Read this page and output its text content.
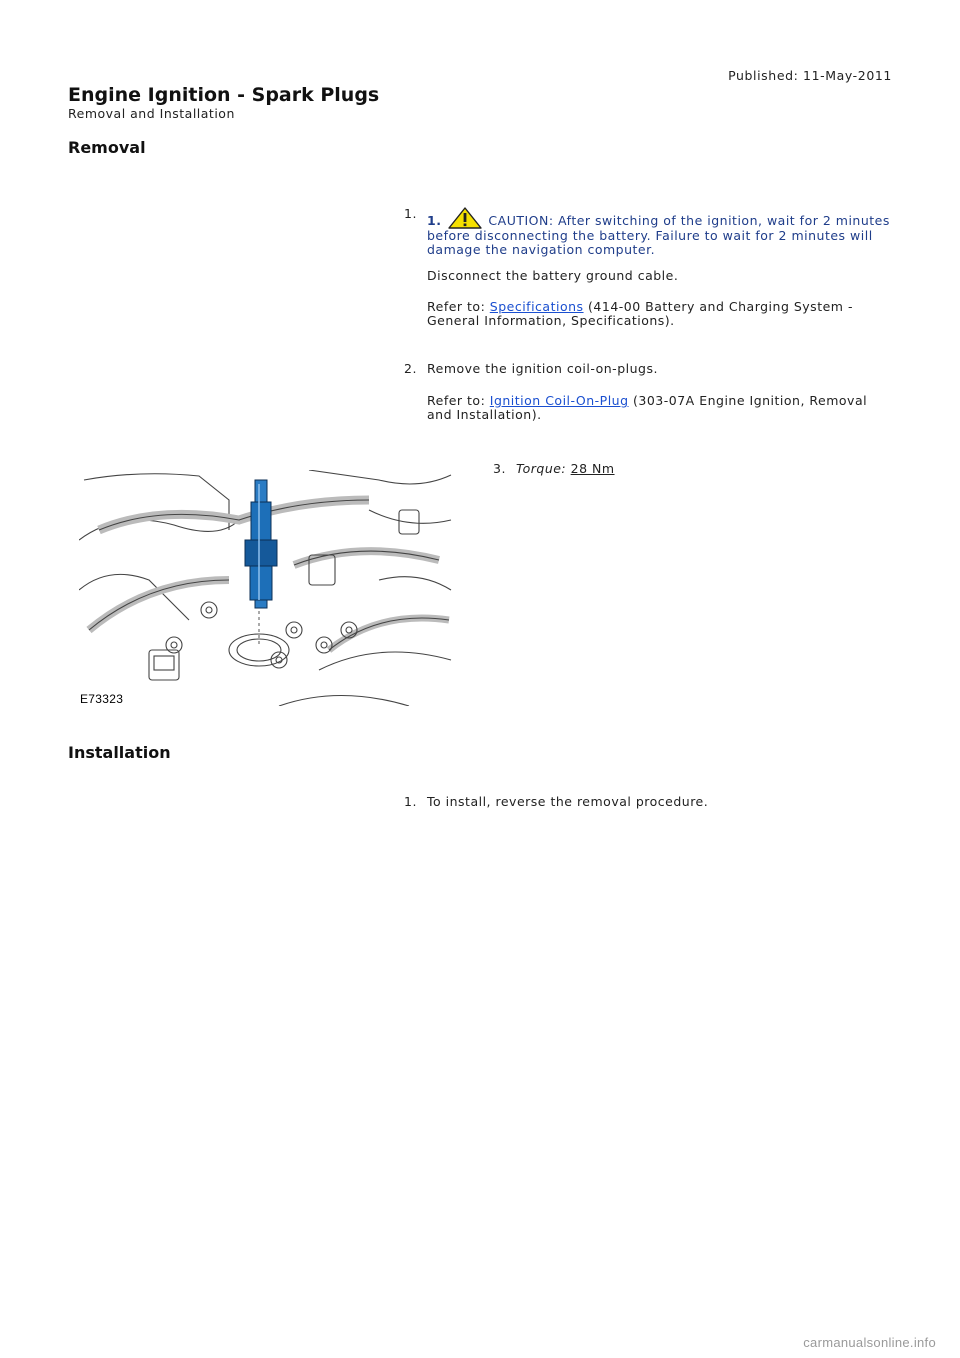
Published: 11-May-2011
Engine Ignition - Spark Plugs
Removal and Installation
Removal
1. 1.	CAUTION: After switching of the ignition, wait for 2 minutes before disconnecting the battery. Failure to wait for 2 minutes will damage the navigation computer.

Disconnect the battery ground cable.

Refer to: Specifications (414-00 Battery and Charging System - General Information, Specifications).

2. Remove the ignition coil-on-plugs.

Refer to: Ignition Coil-On-Plug (303-07A Engine Ignition, Removal and Installation).

3. Torque: 28 Nm
E73323
Installation
1. To install, reverse the removal procedure.

carmanualsonline.info
